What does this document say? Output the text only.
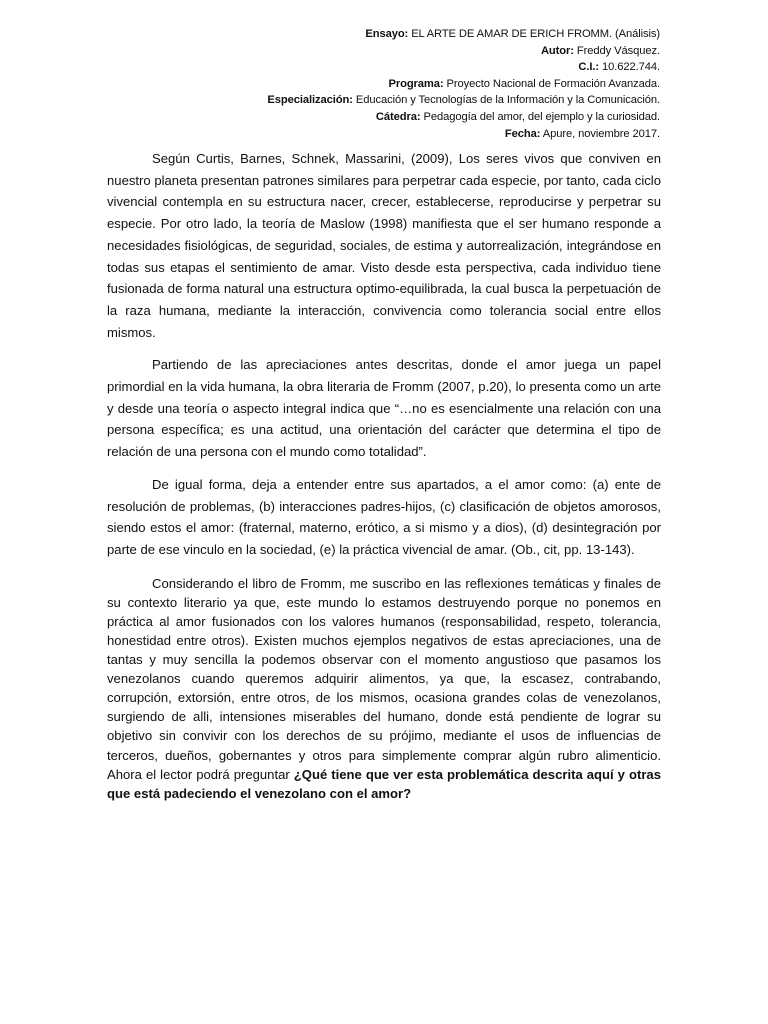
Ensayo: EL ARTE DE AMAR DE ERICH FROMM. (Análisis)
Autor: Freddy Vásquez.
C.I.: 10.622.744.
Programa: Proyecto Nacional de Formación Avanzada.
Especialización: Educación y Tecnologías de la Información y la Comunicación.
Cátedra: Pedagogía del amor, del ejemplo y la curiosidad.
Fecha: Apure, noviembre 2017.

Según Curtis, Barnes, Schnek, Massarini, (2009), Los seres vivos que conviven en nuestro planeta presentan patrones similares para perpetrar cada especie, por tanto, cada ciclo vivencial contempla en su estructura nacer, crecer, establecerse, reproducirse y perpetrar su especie. Por otro lado, la teoría de Maslow (1998) manifiesta que el ser humano responde a necesidades fisiológicas, de seguridad, sociales, de estima y autorrealización, integrándose en todas sus etapas el sentimiento de amar. Visto desde esta perspectiva, cada individuo tiene fusionada de forma natural una estructura optimo-equilibrada, la cual busca la perpetuación de la raza humana, mediante la interacción, convivencia como tolerancia social entre ellos mismos.

Partiendo de las apreciaciones antes descritas, donde el amor juega un papel primordial en la vida humana, la obra literaria de Fromm (2007, p.20), lo presenta como un arte y desde una teoría o aspecto integral indica que “…no es esencialmente una relación con una persona específica; es una actitud, una orientación del carácter que determina el tipo de relación de una persona con el mundo como totalidad”.

De igual forma, deja a entender entre sus apartados, a el amor como: (a) ente de resolución de problemas, (b) interacciones padres-hijos, (c) clasificación de objetos amorosos, siendo estos el amor: (fraternal, materno, erótico, a si mismo y a dios), (d) desintegración por parte de ese vinculo en la sociedad, (e) la práctica vivencial de amar. (Ob., cit, pp. 13-143).

Considerando el libro de Fromm, me suscribo en las reflexiones temáticas y finales de su contexto literario ya que, este mundo lo estamos destruyendo porque no ponemos en práctica al amor fusionados con los valores humanos (responsabilidad, respeto, tolerancia, honestidad entre otros). Existen muchos ejemplos negativos de estas apreciaciones, una de tantas y muy sencilla la podemos observar con el momento angustioso que pasamos los venezolanos cuando queremos adquirir alimentos, ya que, la escasez, contrabando, corrupción, extorsión, entre otros, de los mismos, ocasiona grandes colas de venezolanos, surgiendo de alli, intensiones miserables del humano, donde está pendiente de lograr su objetivo sin convivir con los derechos de su prójimo, mediante el usos de influencias de terceros, dueños, gobernantes y otros para simplemente comprar algún rubro alimenticio. Ahora el lector podrá preguntar ¿Qué tiene que ver esta problemática descrita aquí y otras que está padeciendo el venezolano con el amor?
